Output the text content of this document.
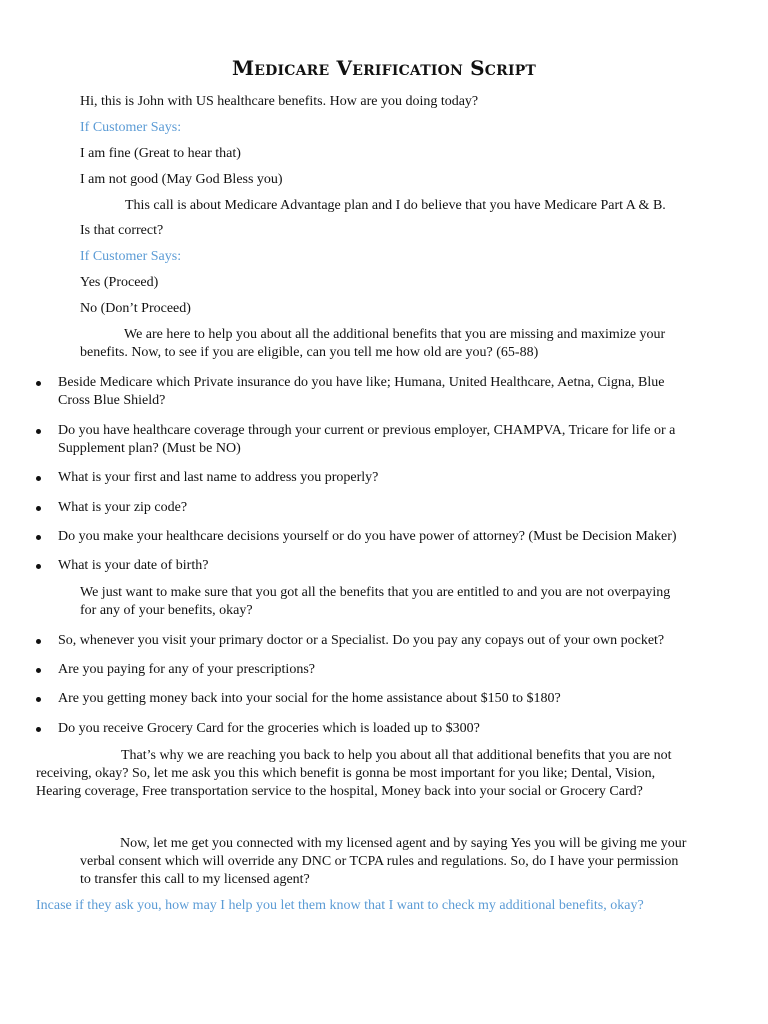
Medicare Verification Script
Hi, this is John with US healthcare benefits. How are you doing today?
If Customer Says:
I am fine (Great to hear that)
I am not good (May God Bless you)
This call is about Medicare Advantage plan and I do believe that you have Medicare Part A & B.
Is that correct?
If Customer Says:
Yes (Proceed)
No (Don’t Proceed)
We are here to help you about all the additional benefits that you are missing and maximize your
benefits. Now, to see if you are eligible, can you tell me how old are you? (65-88)
Beside Medicare which Private insurance do you have like; Humana, United Healthcare, Aetna, Cigna, Blue
Cross Blue Shield?
Do you have healthcare coverage through your current or previous employer, CHAMPVA, Tricare for life or a
Supplement plan? (Must be NO)
What is your first and last name to address you properly?
What is your zip code?
Do you make your healthcare decisions yourself or do you have power of attorney? (Must be Decision Maker)
What is your date of birth?
We just want to make sure that you got all the benefits that you are entitled to and you are not overpaying
for any of your benefits, okay?
So, whenever you visit your primary doctor or a Specialist. Do you pay any copays out of your own pocket?
Are you paying for any of your prescriptions?
Are you getting money back into your social for the home assistance about $150 to $180?
Do you receive Grocery Card for the groceries which is loaded up to $300?
That’s why we are reaching you back to help you about all that additional benefits that you are not
receiving, okay? So, let me ask you this which benefit is gonna be most important for you like; Dental, Vision,
Hearing coverage, Free transportation service to the hospital, Money back into your social or Grocery Card?
Now, let me get you connected with my licensed agent and by saying Yes you will be giving me your
verbal consent which will override any DNC or TCPA rules and regulations. So, do I have your permission
to transfer this call to my licensed agent?
Incase if they ask you, how may I help you let them know that I want to check my additional benefits, okay?
